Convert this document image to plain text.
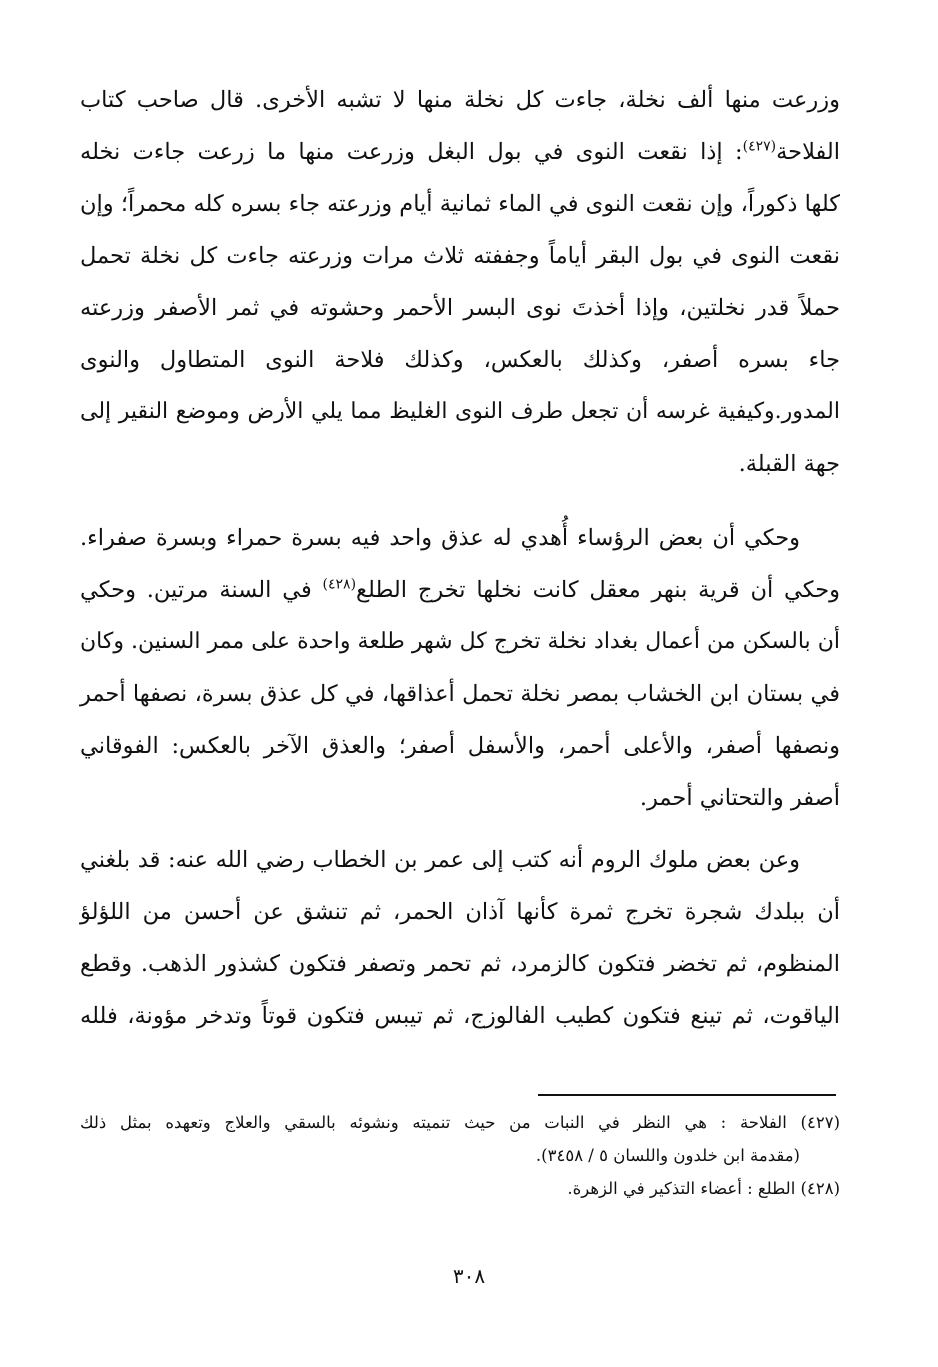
وزرعت منها ألف نخلة، جاءت كل نخلة منها لا تشبه الأخرى. قال صاحب كتاب
الفلاحة$^{(٤٢٧)}$: إذا نقعت النوى في بول البغل وزرعت منها ما زرعت جاءت نخله
كلها ذكوراً، وإن نقعت النوى في الماء ثمانية أيام وزرعته جاء بسره كله محمراً؛ وإن
نقعت النوى في بول البقر أياماً وجففته ثلاث مرات وزرعته جاءت كل نخلة تحمل
حملاً قدر نخلتين، وإذا أخذتَ نوى البسر الأحمر وحشوته في ثمر الأصفر وزرعته
جاء بسره أصفر، وكذلك بالعكس، وكذلك فلاحة النوى المتطاول والنوى
المدور.وكيفية غرسه أن تجعل طرف النوى الغليظ مما يلي الأرض وموضع النقير إلى
جهة القبلة.
وحكي أن بعض الرؤساء أُهدي له عذق واحد فيه بسرة حمراء وبسرة صفراء.
وحكي أن قرية بنهر معقل كانت نخلها تخرج الطلع$^{(٤٢٨)}$ في السنة مرتين. وحكي
أن بالسكن من أعمال بغداد نخلة تخرج كل شهر طلعة واحدة على ممر السنين. وكان
في بستان ابن الخشاب بمصر نخلة تحمل أعذاقها، في كل عذق بسرة، نصفها أحمر
ونصفها أصفر، والأعلى أحمر، والأسفل أصفر؛ والعذق الآخر بالعكس: الفوقاني
أصفر والتحتاني أحمر.
وعن بعض ملوك الروم أنه كتب إلى عمر بن الخطاب رضي الله عنه: قد بلغني
أن ببلدك شجرة تخرج ثمرة كأنها آذان الحمر، ثم تنشق عن أحسن من اللؤلؤ
المنظوم، ثم تخضر فتكون كالزمرد، ثم تحمر وتصفر فتكون كشذور الذهب. وقطع
الياقوت، ثم تينع فتكون كطيب الفالوزج، ثم تيبس فتكون قوتاً وتدخر مؤونة، فلله
(٤٢٧) الفلاحة : هي النظر في النبات من حيث تنميته ونشوئه بالسقي والعلاج وتعهده بمثل ذلك
(مقدمة ابن خلدون واللسان ٥ / ٣٤٥٨).
(٤٢٨) الطلع : أعضاء التذكير في الزهرة.
٣٠٨
